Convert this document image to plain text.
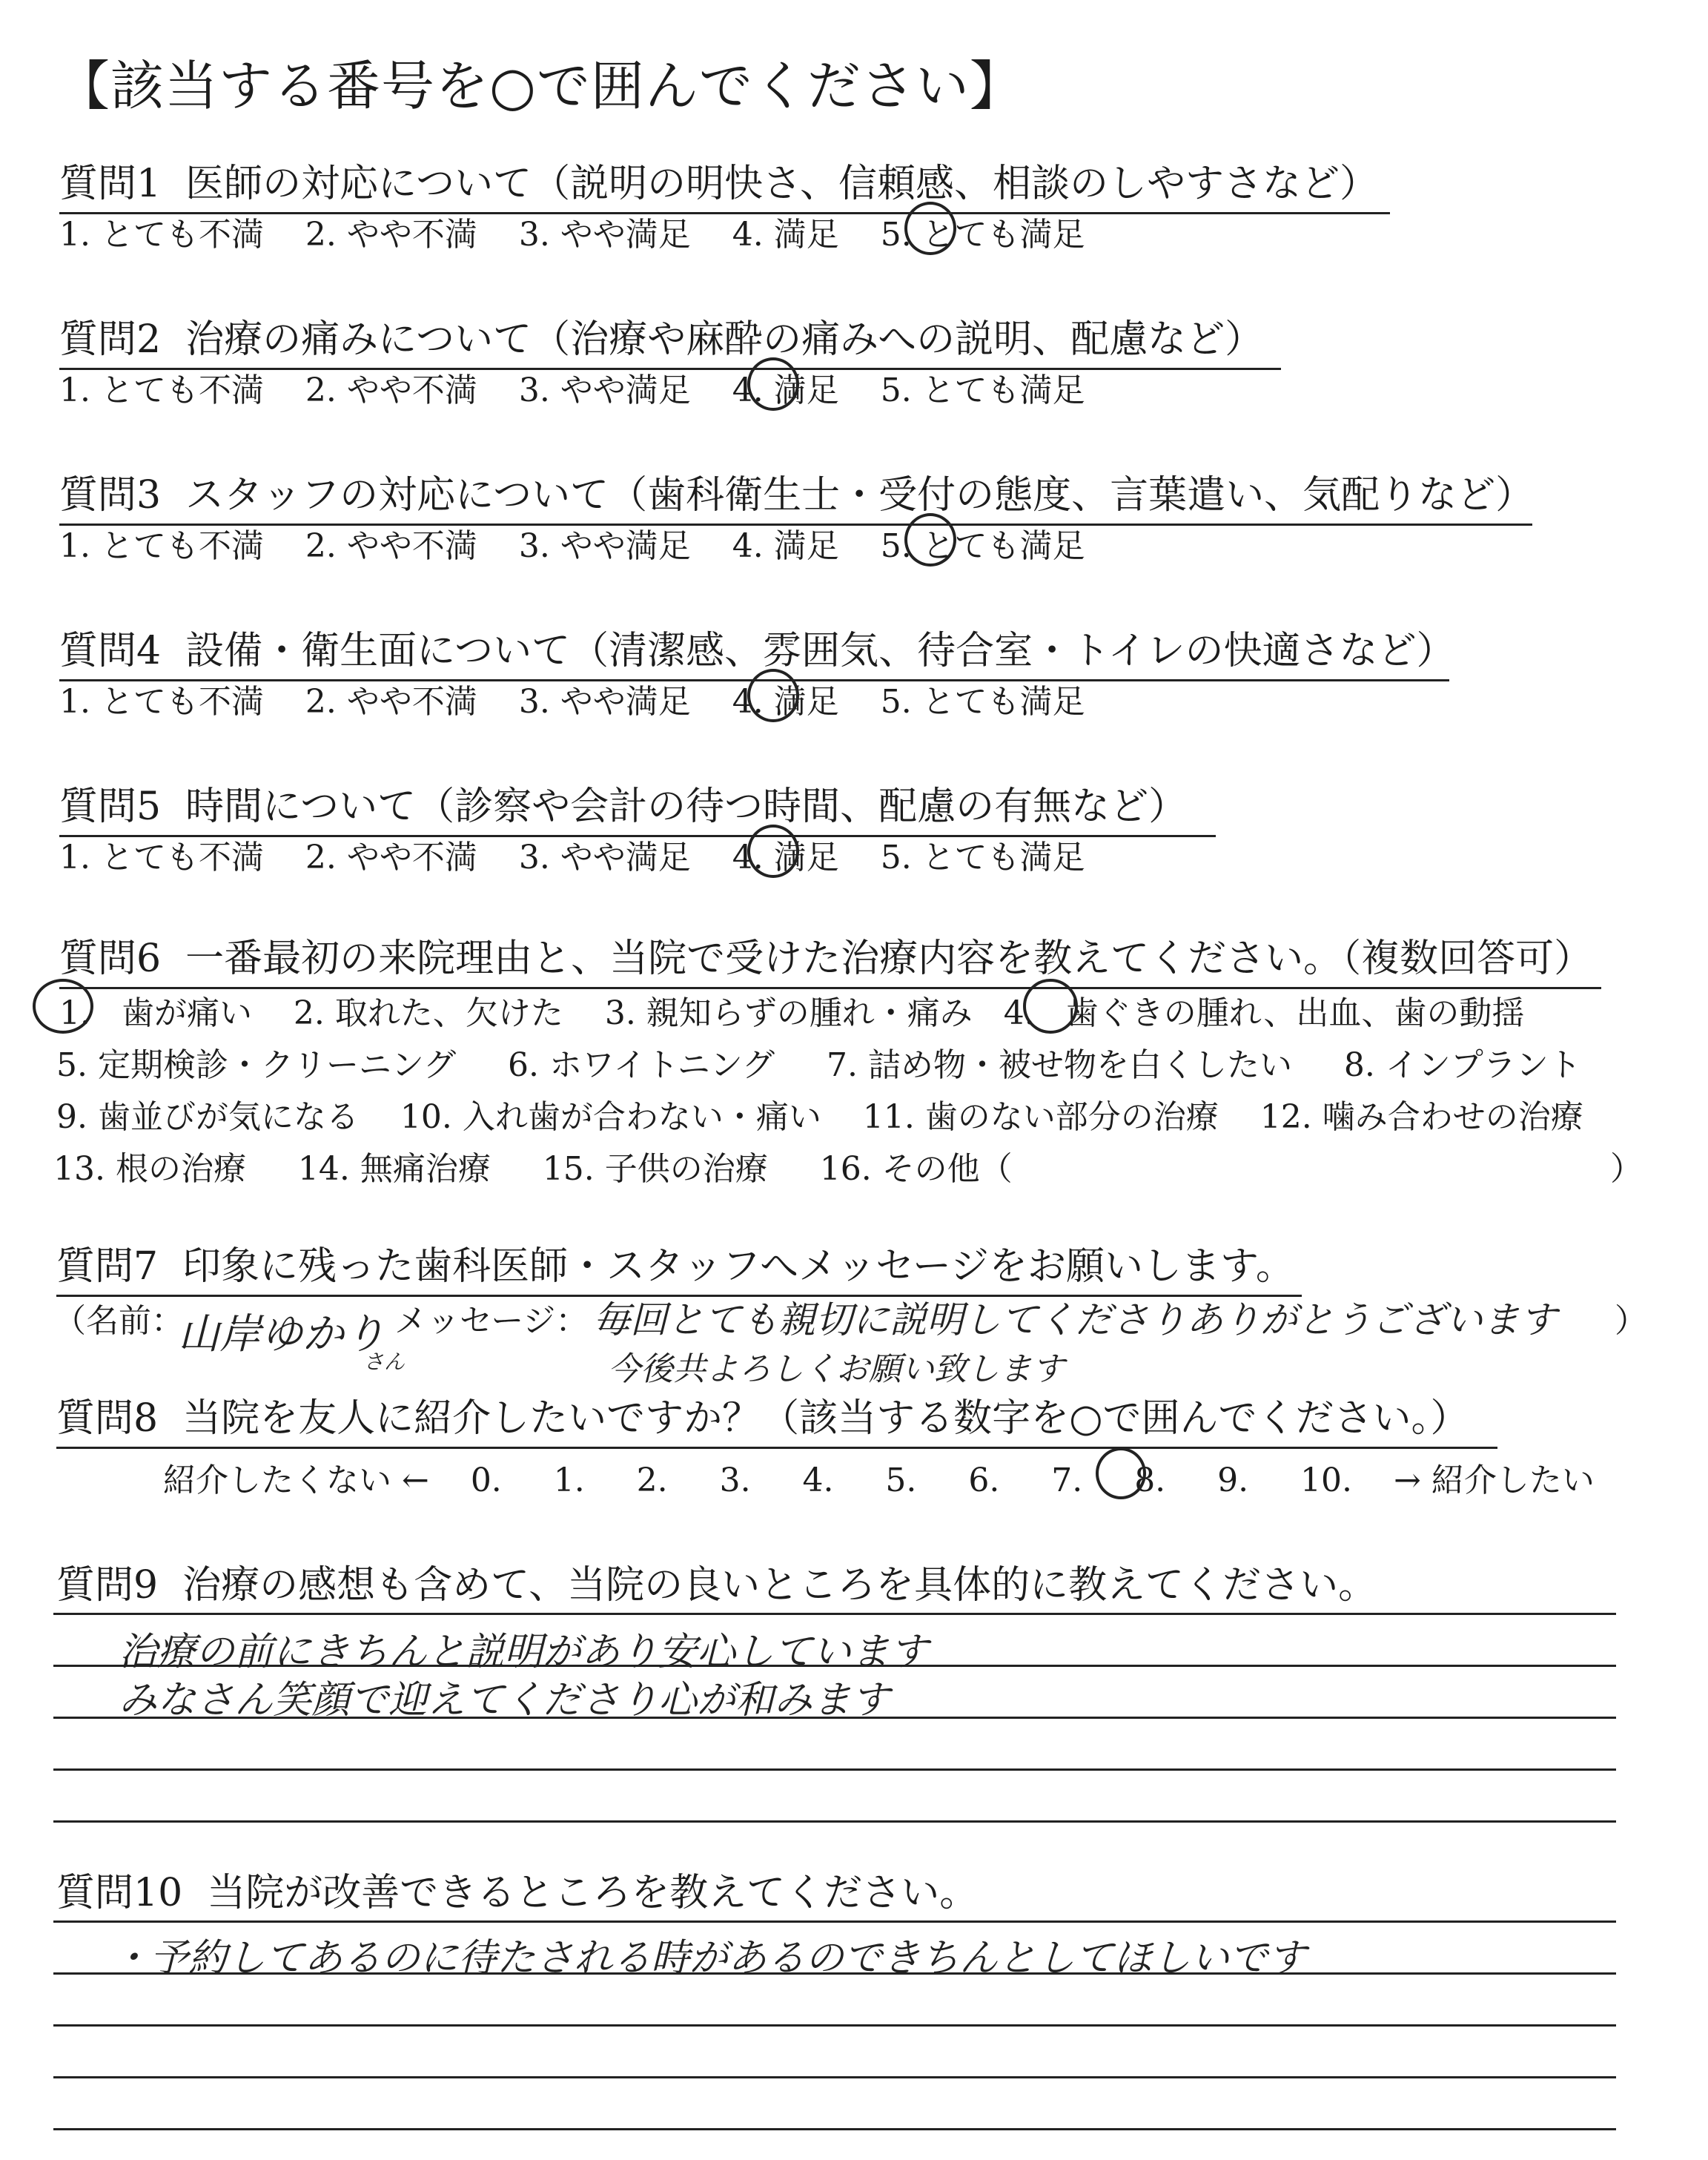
【該当する番号を○で囲んでください】
質問1 医師の対応について（説明の明快さ、信頼感、相談のしやすさなど）
1. とても不満 2. やや不満 3. やや満足 4. 満足 5. とても満足
質問2 治療の痛みについて（治療や麻酔の痛みへの説明、配慮など）
1. とても不満 2. やや不満 3. やや満足 4. 満足 5. とても満足
質問3 スタッフの対応について（歯科衛生士・受付の態度、言葉遣い、気配りなど）
1. とても不満 2. やや不満 3. やや満足 4. 満足 5. とても満足
質問4 設備・衛生面について（清潔感、雰囲気、待合室・トイレの快適さなど）
1. とても不満 2. やや不満 3. やや満足 4. 満足 5. とても満足
質問5 時間について（診察や会計の待つ時間、配慮の有無など）
1. とても不満 2. やや不満 3. やや満足 4. 満足 5. とても満足
質問6 一番最初の来院理由と、当院で受けた治療内容を教えてください。（複数回答可）
1. 歯が痛い 2. 取れた、欠けた 3. 親知らずの腫れ・痛み 4. 歯ぐきの腫れ、出血、歯の動揺
5. 定期検診・クリーニング 6. ホワイトニング 7. 詰め物・被せ物を白くしたい 8. インプラント
9. 歯並びが気になる 10. 入れ歯が合わない・痛い 11. 歯のない部分の治療 12. 噛み合わせの治療
13. 根の治療 14. 無痛治療 15. 子供の治療 16. その他（	）
質問7 印象に残った歯科医師・スタッフへメッセージをお願いします。
（名前：
山岸ゆかり
さん
メッセージ： 毎回とても親切に説明してくださりありがとうございます
今後共よろしくお願い致します
）
質問8 当院を友人に紹介したいですか？（該当する数字を○で囲んでください。）
紹介したくない ← 0. 1. 2. 3. 4. 5. 6. 7. 8. 9. 10. → 紹介したい
質問9 治療の感想も含めて、当院の良いところを具体的に教えてください。
治療の前にきちんと説明があり安心しています
みなさん笑顔で迎えてくださり心が和みます
質問10 当院が改善できるところを教えてください。
・予約してあるのに待たされる時があるのできちんとしてほしいです
